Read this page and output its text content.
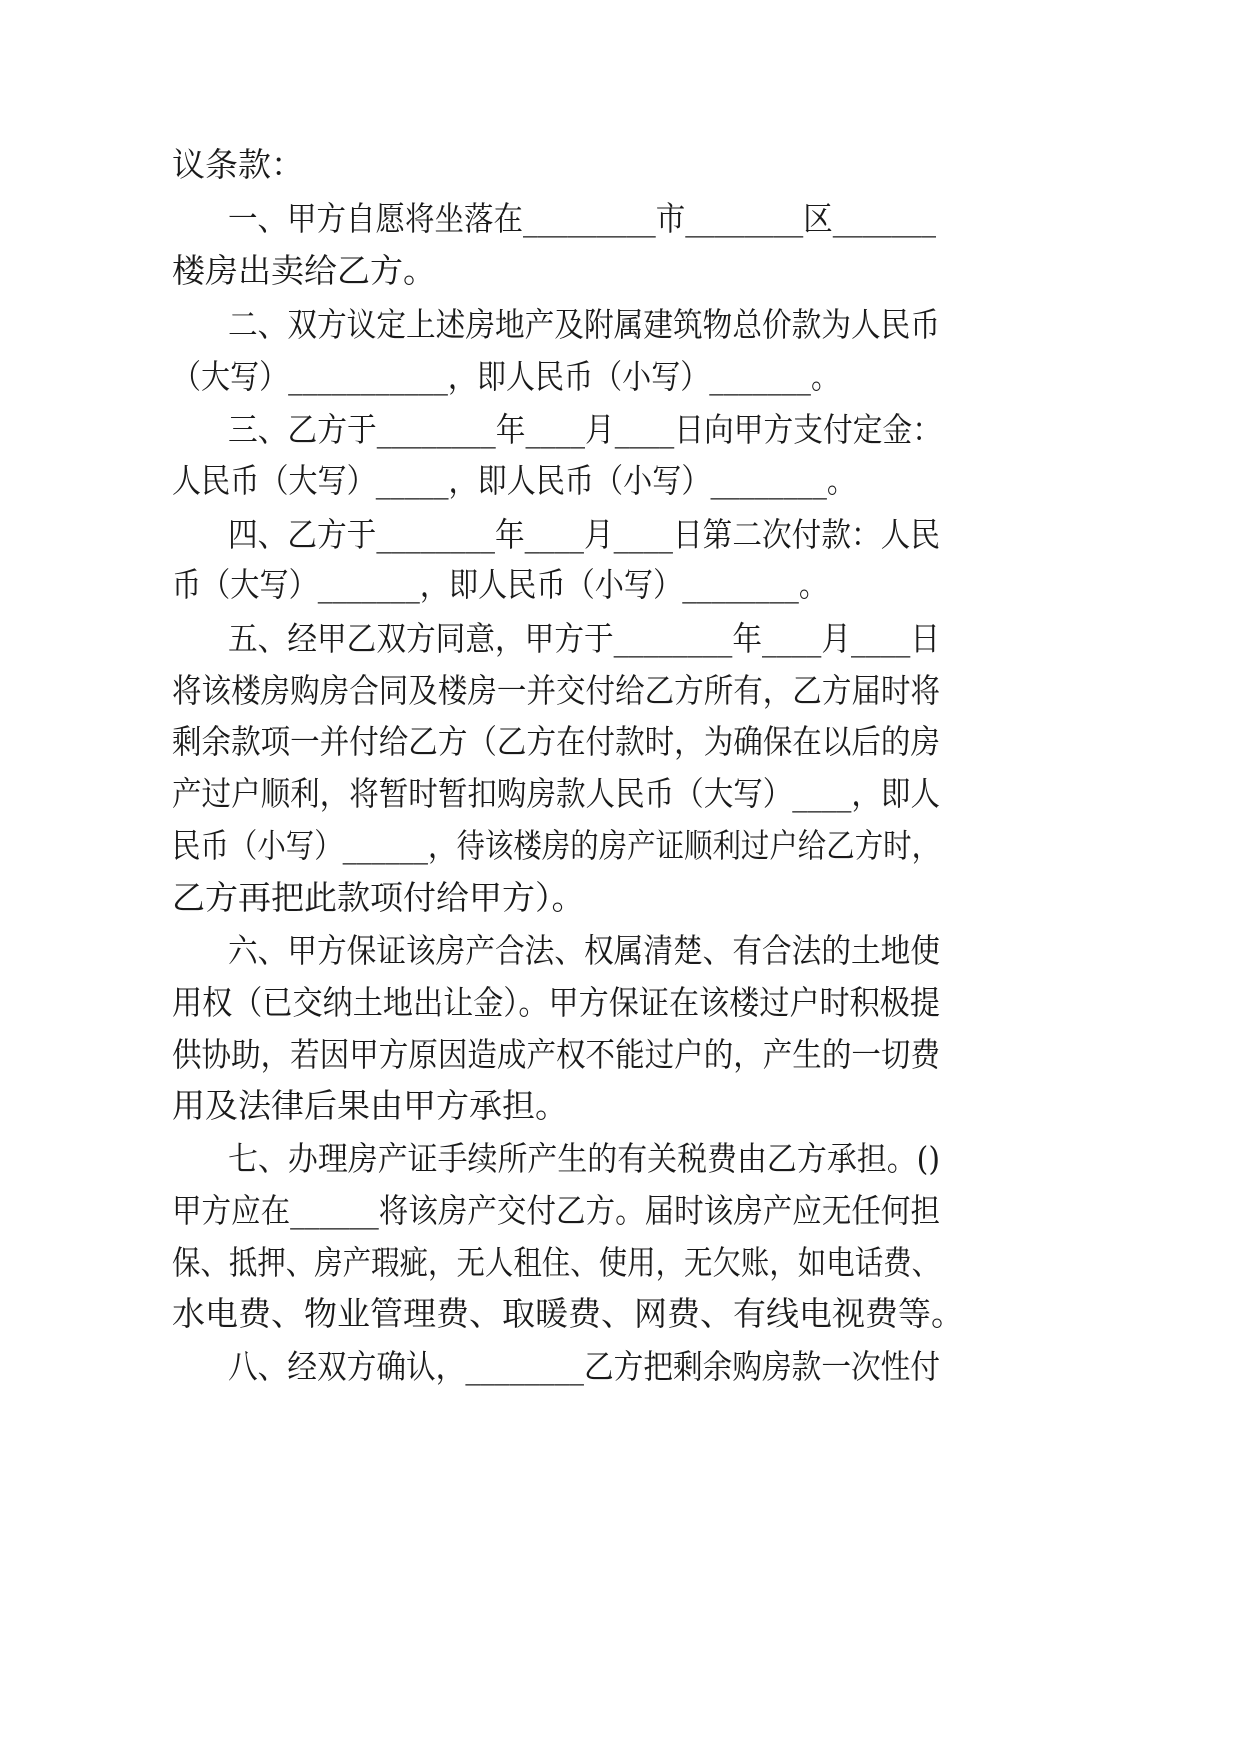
议条款：
一、甲方自愿将坐落在_________市________区_______
楼房出卖给乙方。
二、双方议定上述房地产及附属建筑物总价款为人民币
（大写）___________，即人民币（小写）_______。
三、乙方于________年____月____日向甲方支付定金：
人民币（大写）_____，即人民币（小写）________。
四、乙方于________年____月____日第二次付款：人民
币（大写）_______，即人民币（小写）________。
五、经甲乙双方同意，甲方于________年____月____日
将该楼房购房合同及楼房一并交付给乙方所有，乙方届时将
剩余款项一并付给乙方（乙方在付款时，为确保在以后的房
产过户顺利，将暂时暂扣购房款人民币（大写）____，即人
民币（小写）______，待该楼房的房产证顺利过户给乙方时，
乙方再把此款项付给甲方）。
六、甲方保证该房产合法、权属清楚、有合法的土地使
用权（已交纳土地出让金）。甲方保证在该楼过户时积极提
供协助，若因甲方原因造成产权不能过户的，产生的一切费
用及法律后果由甲方承担。
七、办理房产证手续所产生的有关税费由乙方承担。()
甲方应在______将该房产交付乙方。届时该房产应无任何担
保、抵押、房产瑕疵，无人租住、使用，无欠账，如电话费、
水电费、物业管理费、取暖费、网费、有线电视费等。
八、经双方确认，________乙方把剩余购房款一次性付
